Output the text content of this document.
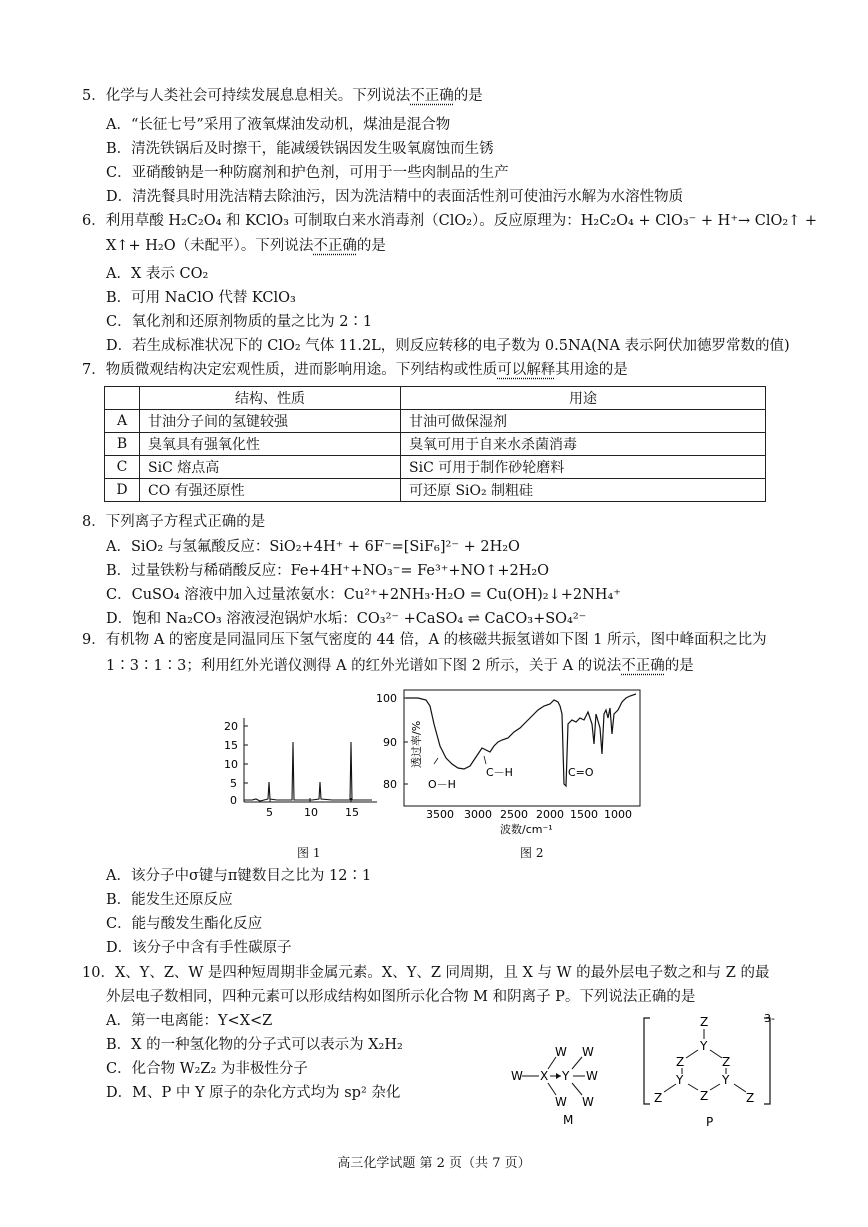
5．化学与人类社会可持续发展息息相关。下列说法不正确的是
A．“长征七号”采用了液氧煤油发动机，煤油是混合物
B．清洗铁锅后及时擦干，能减缓铁锅因发生吸氧腐蚀而生锈
C．亚硝酸钠是一种防腐剂和护色剂，可用于一些肉制品的生产
D．清洗餐具时用洗洁精去除油污，因为洗洁精中的表面活性剂可使油污水解为水溶性物质
6．利用草酸 H₂C₂O₄ 和 KClO₃ 可制取白来水消毒剂（ClO₂）。反应原理为：H₂C₂O₄ + ClO₃⁻ + H⁺→ ClO₂↑ +
X↑+ H₂O（未配平）。下列说法不正确的是
A．X 表示 CO₂
B．可用 NaClO 代替 KClO₃
C．氧化剂和还原剂物质的量之比为 2∶1
D．若生成标准状况下的 ClO₂ 气体 11.2L，则反应转移的电子数为 0.5NA(NA 表示阿伏加德罗常数的值)
7．物质微观结构决定宏观性质，进而影响用途。下列结构或性质可以解释其用途的是
	结构、性质	用途
A	甘油分子间的氢键较强	甘油可做保湿剂
B	臭氧具有强氧化性	臭氧可用于自来水杀菌消毒
C	SiC 熔点高	SiC 可用于制作砂轮磨料
D	CO 有强还原性	可还原 SiO₂ 制粗硅
8．下列离子方程式正确的是
A．SiO₂ 与氢氟酸反应：SiO₂+4H⁺ + 6F⁻=[SiF₆]²⁻ + 2H₂O
B．过量铁粉与稀硝酸反应：Fe+4H⁺+NO₃⁻= Fe³⁺+NO↑+2H₂O
C．CuSO₄ 溶液中加入过量浓氨水：Cu²⁺+2NH₃·H₂O = Cu(OH)₂↓+2NH₄⁺
D．饱和 Na₂CO₃ 溶液浸泡锅炉水垢：CO₃²⁻ +CaSO₄ ⇌ CaCO₃+SO₄²⁻
9．有机物 A 的密度是同温同压下氢气密度的 44 倍，A 的核磁共振氢谱如下图 1 所示，图中峰面积之比为
1∶3∶1∶3；利用红外光谱仪测得 A 的红外光谱如下图 2 所示，关于 A 的说法不正确的是
20
15
10
5
0
5	10 15
图 1
透过率/%
100
90
80	O－H
C－H	C=O
3500 3000 2500 2000 1500 1000
波数/cm⁻¹
图 2
A．该分子中σ键与π键数目之比为 12∶1
B．能发生还原反应
C．能与酸发生酯化反应
D．该分子中含有手性碳原子
10．X、Y、Z、W 是四种短周期非金属元素。X、Y、Z 同周期，且 X 与 W 的最外层电子数之和与 Z 的最
外层电子数相同，四种元素可以形成结构如图所示化合物 M 和阴离子 P。下列说法正确的是
A．第一电离能：Y<X<Z
B．X 的一种氢化物的分子式可以表示为 X₂H₂
C．化合物 W₂Z₂ 为非极性分子
D．M、P 中 Y 原子的杂化方式均为 sp² 杂化
W X Y
W
W
W
W
W
M
3-
Z
Y
Z	Z
Y	Y
Z
Z	Z
P
高三化学试题 第 2 页（共 7 页）
